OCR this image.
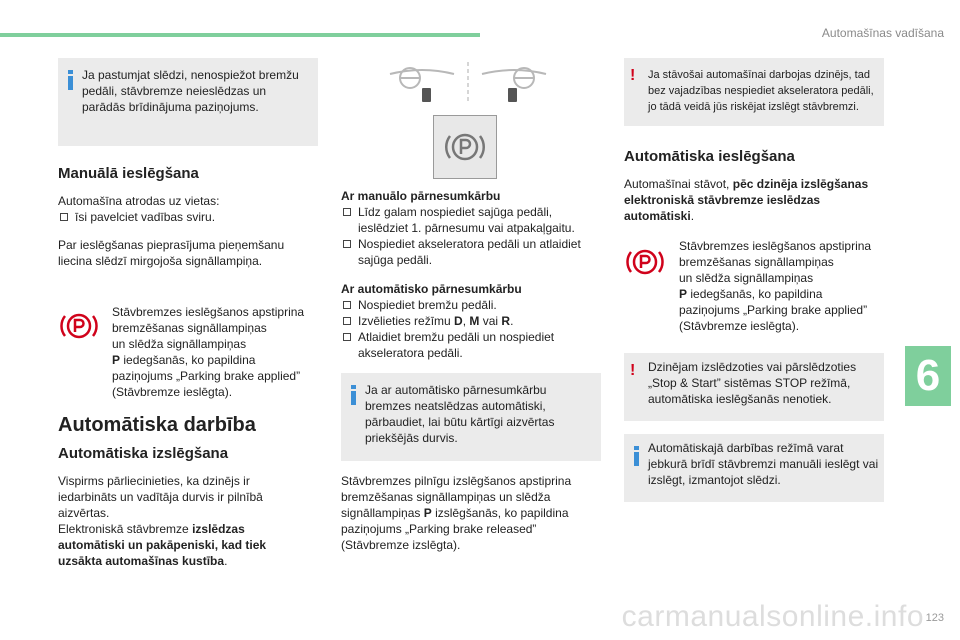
Automašīnas vadīšana
Ja pastumjat slēdzi, nenospiežot bremžu pedāli, stāvbremze neieslēdzas un parādās brīdinājuma paziņojums.
Manuālā ieslēgšana
Automašīna atrodas uz vietas:
īsi pavelciet vadības sviru.
Par ieslēgšanas pieprasījuma pieņemšanu liecina slēdzī mirgojoša signāllampiņa.
Stāvbremzes ieslēgšanos apstiprina
bremzēšanas signāllampiņas
un slēdža signāllampiņas
P iedegšanās, ko papildina
paziņojums „Parking brake applied”
(Stāvbremze ieslēgta).
Automātiska darbība
Automātiska izslēgšana
Vispirms pārliecinieties, ka dzinējs ir iedarbināts un vadītāja durvis ir pilnībā aizvērtas.
Elektroniskā stāvbremze izslēdzas automātiski un pakāpeniski, kad tiek uzsākta automašīnas kustība.
Ar manuālo pārnesumkārbu
Līdz galam nospiediet sajūga pedāli, ieslēdziet 1. pārnesumu vai atpakaļgaitu.
Nospiediet akseleratora pedāli un atlaidiet sajūga pedāli.
Ar automātisko pārnesumkārbu
Nospiediet bremžu pedāli.
Izvēlieties režīmu D, M vai R.
Atlaidiet bremžu pedāli un nospiediet akseleratora pedāli.
Ja ar automātisko pārnesumkārbu bremzes neatslēdzas automātiski, pārbaudiet, lai būtu kārtīgi aizvērtas priekšējās durvis.
Stāvbremzes pilnīgu izslēgšanos apstiprina bremzēšanas signāllampiņas un slēdža signāllampiņas P izslēgšanās, ko papildina paziņojums „Parking brake released” (Stāvbremze izslēgta).
! Ja stāvošai automašīnai darbojas dzinējs, tad bez vajadzības nespiediet akseleratora pedāli, jo tādā veidā jūs riskējat izslēgt stāvbremzi.
Automātiska ieslēgšana
Automašīnai stāvot, pēc dzinēja izslēgšanas elektroniskā stāvbremze ieslēdzas automātiski.
Stāvbremzes ieslēgšanos apstiprina
bremzēšanas signāllampiņas
un slēdža signāllampiņas
P iedegšanās, ko papildina
paziņojums „Parking brake applied”
(Stāvbremze ieslēgta).
! Dzinējam izslēdzoties vai pārslēdzoties „Stop & Start” sistēmas STOP režīmā, automātiska ieslēgšanās nenotiek.
Automātiskajā darbības režīmā varat jebkurā brīdī stāvbremzi manuāli ieslēgt vai izslēgt, izmantojot slēdzi.
6
carmanualsonline.info 123
